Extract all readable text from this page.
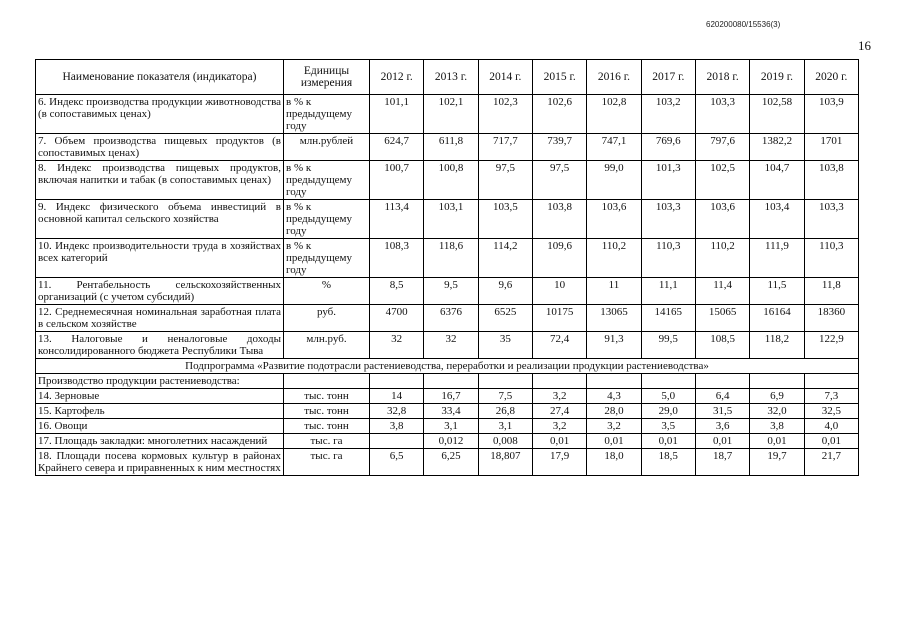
620200080/15536(3)
16
Наименование показателя (индикатора)	Единицы измерения	2012 г.	2013 г.	2014 г.	2015 г.	2016 г.	2017 г.	2018 г.	2019 г.	2020 г.
6. Индекс производства продукции животноводства (в сопоставимых ценах)	в % к предыдущему году	101,1	102,1	102,3	102,6	102,8	103,2	103,3	102,58	103,9
7. Объем производства пищевых продуктов (в сопоставимых ценах)	млн.рублей	624,7	611,8	717,7	739,7	747,1	769,6	797,6	1382,2	1701
8. Индекс производства пищевых продуктов, включая напитки и табак (в сопоставимых ценах)	в % к предыдущему году	100,7	100,8	97,5	97,5	99,0	101,3	102,5	104,7	103,8
9. Индекс физического объема инвестиций в основной капитал сельского хозяйства	в % к предыдущему году	113,4	103,1	103,5	103,8	103,6	103,3	103,6	103,4	103,3
10. Индекс производительности труда в хозяйствах всех категорий	в % к предыдущему году	108,3	118,6	114,2	109,6	110,2	110,3	110,2	111,9	110,3
11. Рентабельность сельскохозяйственных организаций (с учетом субсидий)	%	8,5	9,5	9,6	10	11	11,1	11,4	11,5	11,8
12. Среднемесячная номинальная заработная плата в сельском хозяйстве	руб.	4700	6376	6525	10175	13065	14165	15065	16164	18360
13. Налоговые и неналоговые доходы консолидированного бюджета Республики Тыва	млн.руб.	32	32	35	72,4	91,3	99,5	108,5	118,2	122,9
Подпрограмма «Развитие подотрасли растениеводства, переработки и реализации продукции растениеводства»										
Производство продукции растениеводства:										
14. Зерновые	тыс. тонн	14	16,7	7,5	3,2	4,3	5,0	6,4	6,9	7,3
15. Картофель	тыс. тонн	32,8	33,4	26,8	27,4	28,0	29,0	31,5	32,0	32,5
16. Овощи	тыс. тонн	3,8	3,1	3,1	3,2	3,2	3,5	3,6	3,8	4,0
17. Площадь закладки: многолетних насаждений	тыс. га		0,012	0,008	0,01	0,01	0,01	0,01	0,01	0,01
18. Площади посева кормовых культур в районах Крайнего севера и приравненных к ним местностях	тыс. га	6,5	6,25	18,807	17,9	18,0	18,5	18,7	19,7	21,7
